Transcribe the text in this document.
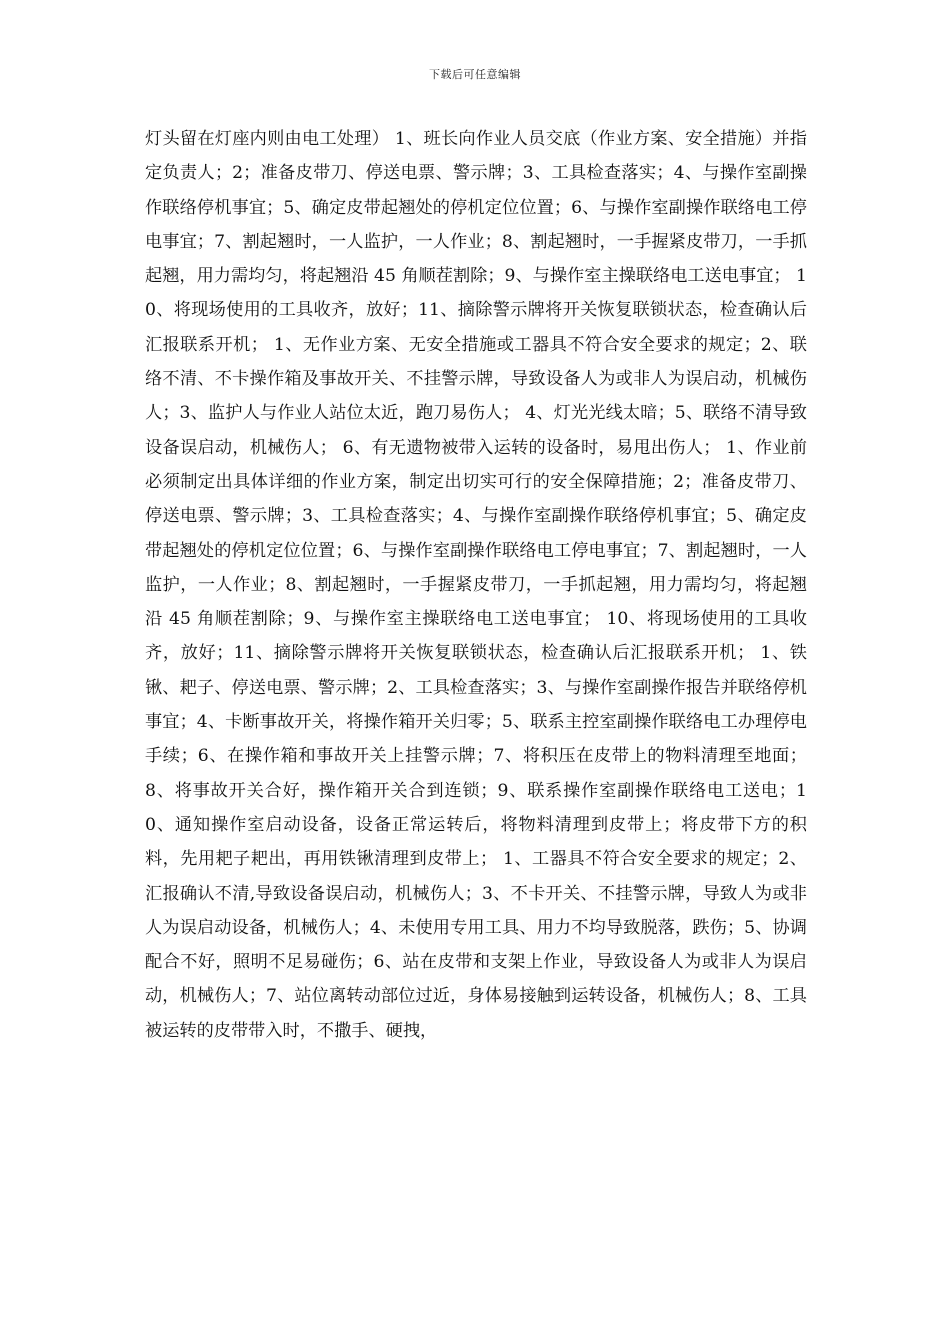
下载后可任意编辑

灯头留在灯座内则由电工处理） 1、班长向作业人员交底（作业方案、安全措施）并指定负责人；2；准备皮带刀、停送电票、警示牌；3、工具检查落实；4、与操作室副操作联络停机事宜；5、确定皮带起翘处的停机定位位置；6、与操作室副操作联络电工停电事宜；7、割起翘时，一人监护，一人作业；8、割起翘时，一手握紧皮带刀，一手抓起翘，用力需均匀，将起翘沿 45 角顺茬割除；9、与操作室主操联络电工送电事宜； 10、将现场使用的工具收齐，放好；11、摘除警示牌将开关恢复联锁状态，检查确认后汇报联系开机； 1、无作业方案、无安全措施或工器具不符合安全要求的规定；2、联络不清、不卡操作箱及事故开关、不挂警示牌，导致设备人为或非人为误启动，机械伤人；3、监护人与作业人站位太近，跑刀易伤人； 4、灯光光线太暗；5、联络不清导致设备误启动，机械伤人； 6、有无遗物被带入运转的设备时，易甩出伤人； 1、作业前必须制定出具体详细的作业方案，制定出切实可行的安全保障措施；2；准备皮带刀、停送电票、警示牌；3、工具检查落实；4、与操作室副操作联络停机事宜；5、确定皮带起翘处的停机定位位置；6、与操作室副操作联络电工停电事宜；7、割起翘时，一人监护，一人作业；8、割起翘时，一手握紧皮带刀，一手抓起翘，用力需均匀，将起翘沿 45 角顺茬割除；9、与操作室主操联络电工送电事宜； 10、将现场使用的工具收齐，放好；11、摘除警示牌将开关恢复联锁状态，检查确认后汇报联系开机； 1、铁锹、耙子、停送电票、警示牌；2、工具检查落实；3、与操作室副操作报告并联络停机事宜；4、卡断事故开关，将操作箱开关归零；5、联系主控室副操作联络电工办理停电手续；6、在操作箱和事故开关上挂警示牌；7、将积压在皮带上的物料清理至地面；8、将事故开关合好，操作箱开关合到连锁；9、联系操作室副操作联络电工送电；10、通知操作室启动设备，设备正常运转后，将物料清理到皮带上；将皮带下方的积料，先用耙子耙出，再用铁锹清理到皮带上； 1、工器具不符合安全要求的规定；2、汇报确认不清,导致设备误启动，机械伤人；3、不卡开关、不挂警示牌，导致人为或非人为误启动设备，机械伤人；4、未使用专用工具、用力不均导致脱落，跌伤；5、协调配合不好，照明不足易碰伤；6、站在皮带和支架上作业，导致设备人为或非人为误启动，机械伤人；7、站位离转动部位过近，身体易接触到运转设备，机械伤人；8、工具被运转的皮带带入时，不撒手、硬拽，
